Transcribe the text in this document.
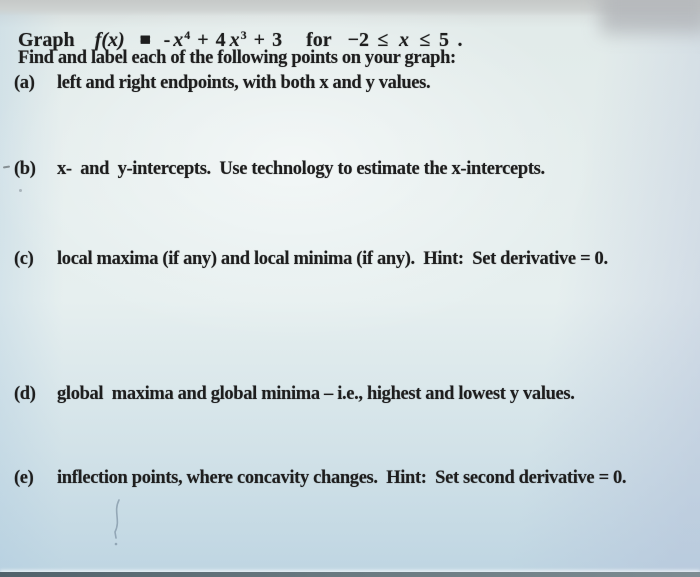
Graph f(x) = - $x^4 + 4$ $x^3 + 3$ for −2 ≤ x ≤ 5 .
Find and label each of the following points on your graph:
(a)	left and right endpoints, with both x and y values.
(b)	x-  and  y-intercepts.  Use technology to estimate the x-intercepts.
(c)	local maxima (if any) and local minima (if any).  Hint:  Set derivative = 0.
(d)	global  maxima and global minima – i.e., highest and lowest y values.
(e)	inflection points, where concavity changes.  Hint:  Set second derivative = 0.
